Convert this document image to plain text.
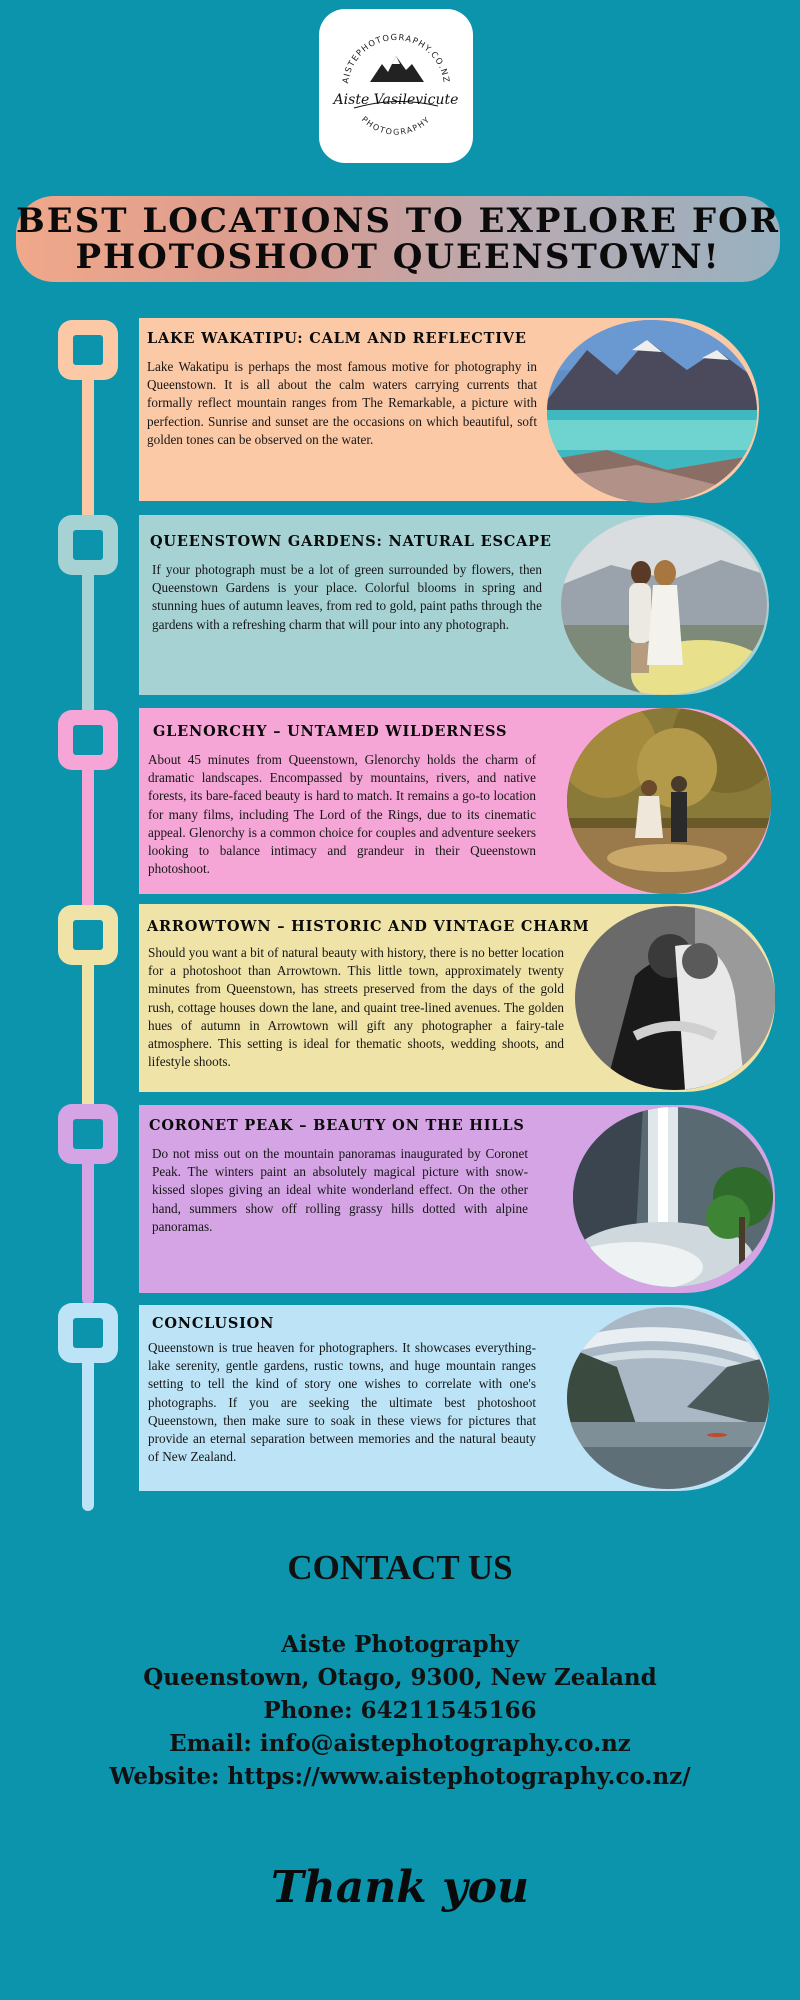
AISTEPHOTOGRAPHY.CO.NZ
Aiste Vasilevicute
PHOTOGRAPHY
BEST LOCATIONS TO EXPLORE FOR
PHOTOSHOOT QUEENSTOWN!
LAKE WAKATIPU: CALM AND REFLECTIVE
Lake Wakatipu is perhaps the most famous motive for photography in Queenstown. It is all about the calm waters carrying currents that formally reflect mountain ranges from The Remarkable, a picture with perfection. Sunrise and sunset are the occasions on which beautiful, soft golden tones can be observed on the water.
QUEENSTOWN GARDENS: NATURAL ESCAPE
If your photograph must be a lot of green surrounded by flowers, then Queenstown Gardens is your place. Colorful blooms in spring and stunning hues of autumn leaves, from red to gold, paint paths through the gardens with a refreshing charm that will pour into any photograph.
GLENORCHY – UNTAMED WILDERNESS
About 45 minutes from Queenstown, Glenorchy holds the charm of dramatic landscapes. Encompassed by mountains, rivers, and native forests, its bare-faced beauty is hard to match. It remains a go-to location for many films, including The Lord of the Rings, due to its cinematic appeal. Glenorchy is a common choice for couples and adventure seekers looking to balance intimacy and grandeur in their Queenstown photoshoot.
ARROWTOWN – HISTORIC AND VINTAGE CHARM
Should you want a bit of natural beauty with history, there is no better location for a photoshoot than Arrowtown. This little town, approximately twenty minutes from Queenstown, has streets preserved from the days of the gold rush, cottage houses down the lane, and quaint tree-lined avenues. The golden hues of autumn in Arrowtown will gift any photographer a fairy-tale atmosphere. This setting is ideal for thematic shoots, wedding shoots, and lifestyle shoots.
CORONET PEAK – BEAUTY ON THE HILLS
Do not miss out on the mountain panoramas inaugurated by Coronet Peak. The winters paint an absolutely magical picture with snow-kissed slopes giving an ideal white wonderland effect. On the other hand, summers show off rolling grassy hills dotted with alpine panoramas.
CONCLUSION
Queenstown is true heaven for photographers. It showcases everything-lake serenity, gentle gardens, rustic towns, and huge mountain ranges setting to tell the kind of story one wishes to correlate with one's photographs. If you are seeking the ultimate best photoshoot Queenstown, then make sure to soak in these views for pictures that provide an eternal separation between memories and the natural beauty of New Zealand.
CONTACT US
Aiste Photography
Queenstown, Otago, 9300, New Zealand
Phone: 64211545166
Email: info@aistephotography.co.nz
Website: https://www.aistephotography.co.nz/
Thank you
